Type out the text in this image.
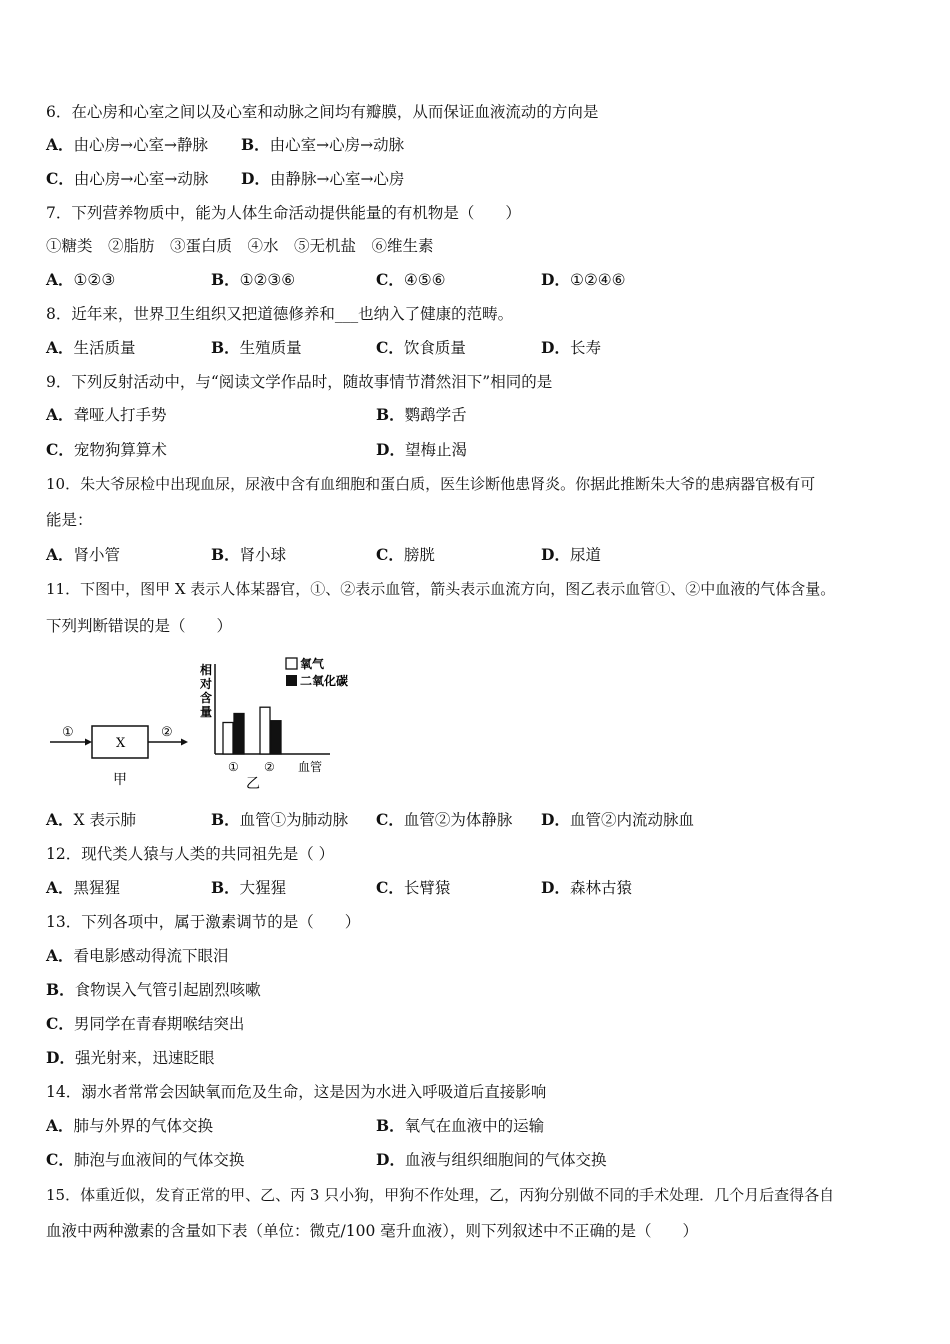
6．在心房和心室之间以及心室和动脉之间均有瓣膜，从而保证血液流动的方向是
A．由心房→心室→静脉 B．由心室→心房→动脉
C．由心房→心室→动脉 D．由静脉→心室→心房
7．下列营养物质中，能为人体生命活动提供能量的有机物是（　　）
①糖类　②脂肪　③蛋白质　④水　⑤无机盐　⑥维生素
A．①②③	B．①②③⑥	C．④⑤⑥	D．①②④⑥
8．近年来，世界卫生组织又把道德修养和___也纳入了健康的范畴。
A．生活质量	B．生殖质量	C．饮食质量	D．长寿
9．下列反射活动中，与“阅读文学作品时，随故事情节潸然泪下”相同的是
A．聋哑人打手势	B．鹦鹉学舌
C．宠物狗算算术	D．望梅止渴
10．朱大爷尿检中出现血尿，尿液中含有血细胞和蛋白质，医生诊断他患肾炎。你据此推断朱大爷的患病器官极有可
能是：
A．肾小管	B．肾小球	C．膀胱	D．尿道
11．下图中，图甲 X 表示人体某器官，①、②表示血管，箭头表示血流方向，图乙表示血管①、②中血液的气体含量。
下列判断错误的是（　　）
①
X
②
甲
相 对 含 量
① ② 血管
乙
氧气
二氧化碳
A．X 表示肺	B．血管①为肺动脉 C．血管②为体静脉 D．血管②内流动脉血
12．现代类人猿与人类的共同祖先是（ ）
A．黑猩猩	B．大猩猩	C．长臂猿	D．森林古猿
13．下列各项中，属于激素调节的是（　　）
A．看电影感动得流下眼泪
B．食物误入气管引起剧烈咳嗽
C．男同学在青春期喉结突出
D．强光射来，迅速眨眼
14．溺水者常常会因缺氧而危及生命，这是因为水进入呼吸道后直接影响
A．肺与外界的气体交换	B．氧气在血液中的运输
C．肺泡与血液间的气体交换	D．血液与组织细胞间的气体交换
15．体重近似，发育正常的甲、乙、丙 3 只小狗，甲狗不作处理，乙，丙狗分别做不同的手术处理．几个月后查得各自
血液中两种激素的含量如下表（单位：微克/100 毫升血液），则下列叙述中不正确的是（　　）
